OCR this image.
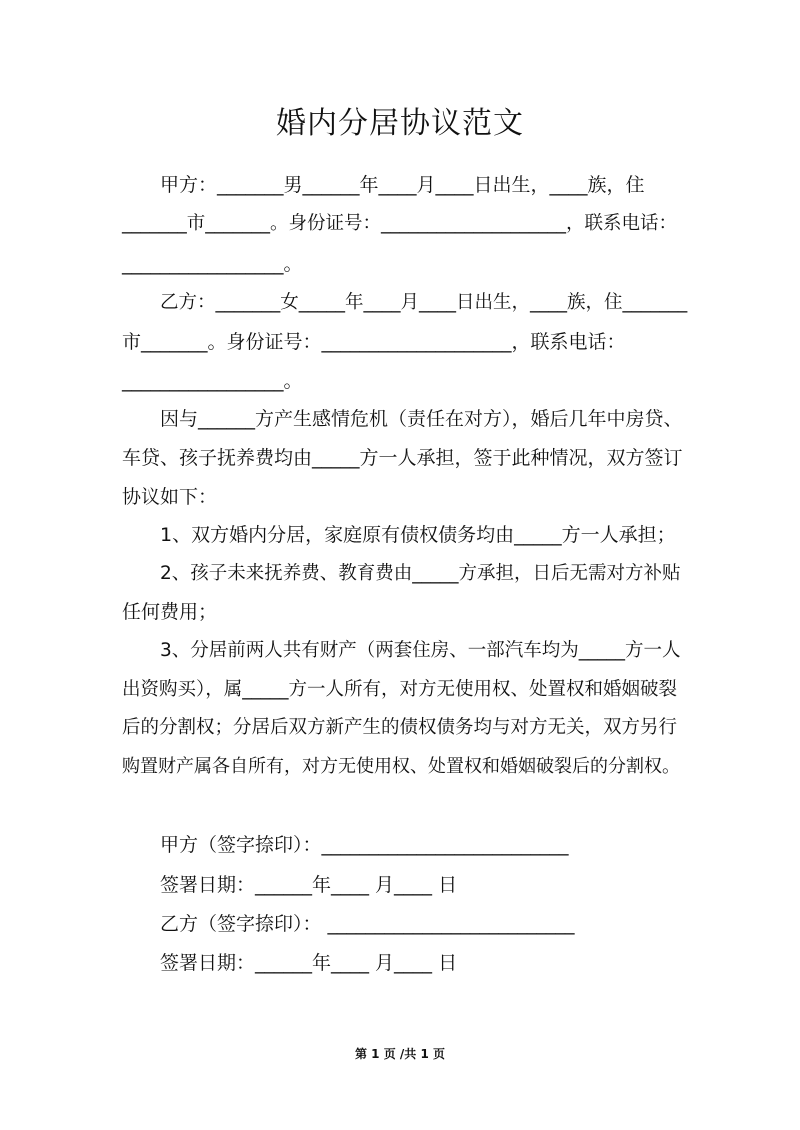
婚内分居协议范文
甲方：_______男______年____月____日出生，____族，住
_______市_______。身份证号：____________________，联系电话：
_________________。
乙方：_______女_____年____月____日出生，____族，住_______
市_______。身份证号：____________________，联系电话：
_________________。
因与______方产生感情危机（责任在对方），婚后几年中房贷、
车贷、孩子抚养费均由_____方一人承担，签于此种情况，双方签订
协议如下：
1、双方婚内分居，家庭原有债权债务均由_____方一人承担；
2、孩子未来抚养费、教育费由_____方承担，日后无需对方补贴
任何费用；
3、分居前两人共有财产（两套住房、一部汽车均为_____方一人
出资购买），属_____方一人所有，对方无使用权、处置权和婚姻破裂
后的分割权；分居后双方新产生的债权债务均与对方无关，双方另行
购置财产属各自所有，对方无使用权、处置权和婚姻破裂后的分割权。
甲方（签字捺印）：__________________________
签署日期：______年____ 月____ 日
乙方（签字捺印）： __________________________
签署日期：______年____ 月____ 日
第 1 页 /共 1 页
